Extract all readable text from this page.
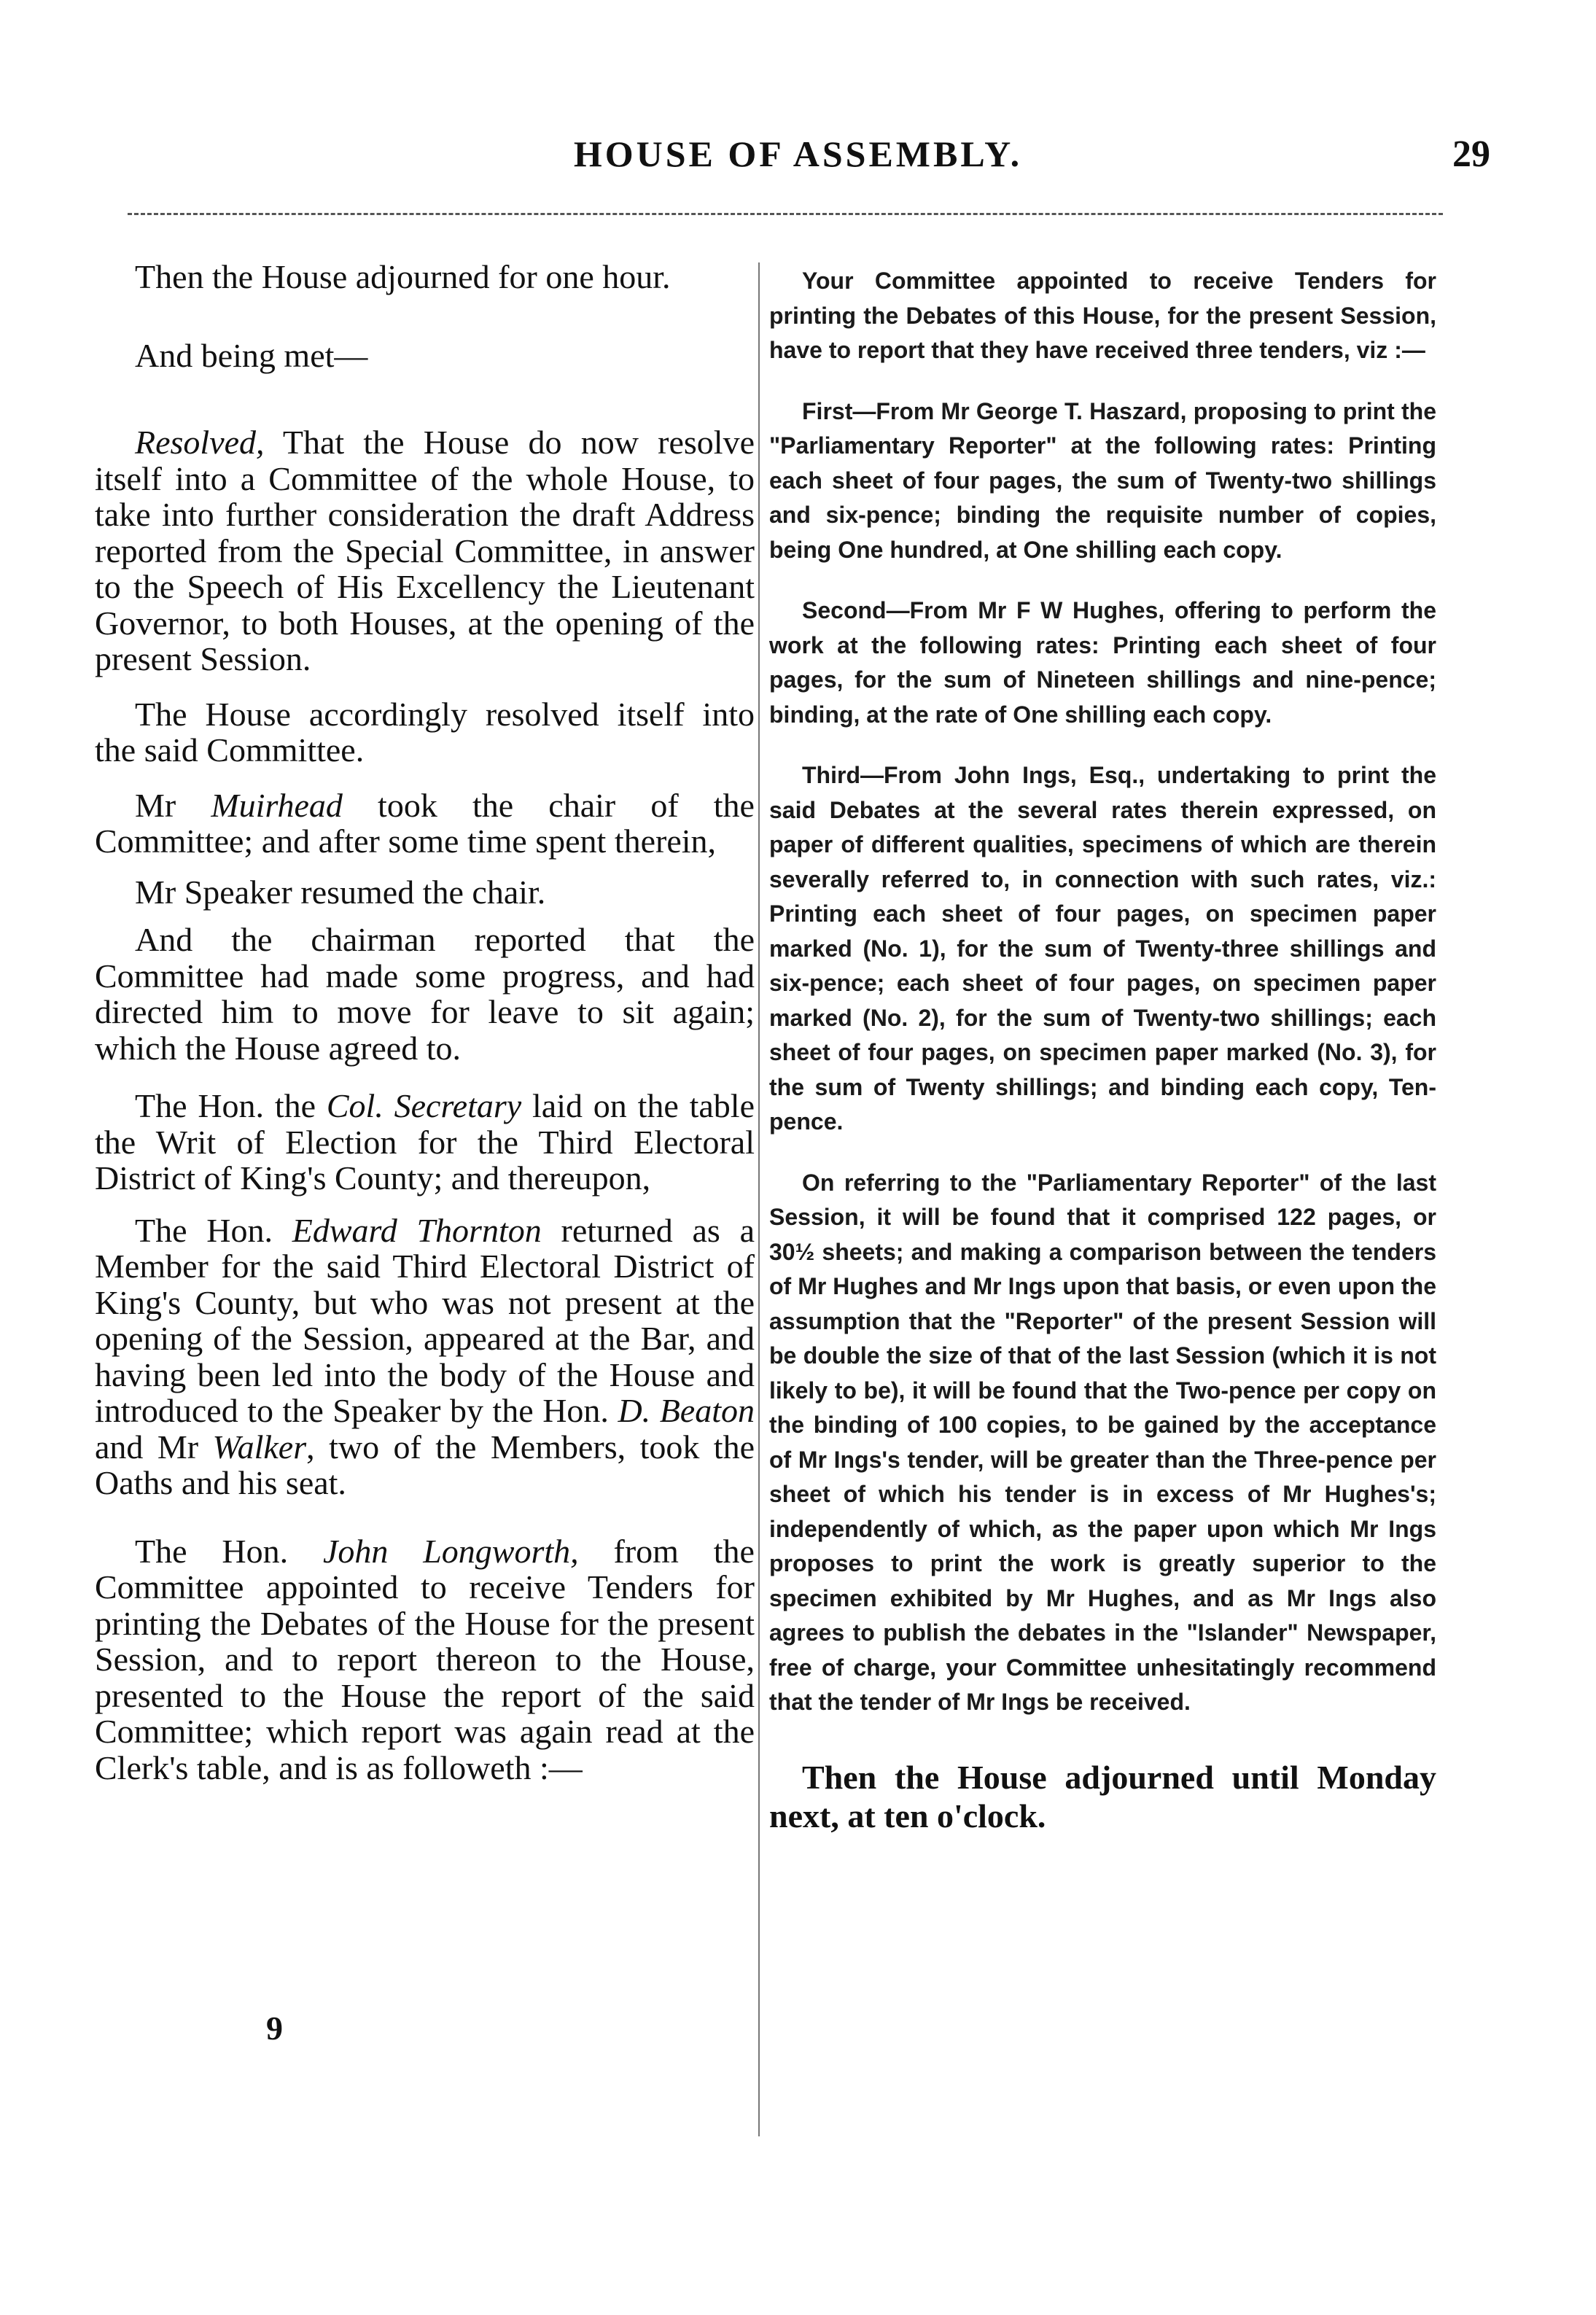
HOUSE OF ASSEMBLY.	29

Then the House adjourned for one hour.

And being met—

Resolved, That the House do now resolve itself into a Committee of the whole House, to take into further consideration the draft Address reported from the Special Committee, in answer to the Speech of His Excellency the Lieutenant Governor, to both Houses, at the opening of the present Session.

The House accordingly resolved itself into the said Committee.

Mr Muirhead took the chair of the Committee; and after some time spent therein,

Mr Speaker resumed the chair.

And the chairman reported that the Committee had made some progress, and had directed him to move for leave to sit again; which the House agreed to.

The Hon. the Col. Secretary laid on the table the Writ of Election for the Third Electoral District of King's County; and thereupon,

The Hon. Edward Thornton returned as a Member for the said Third Electoral District of King's County, but who was not present at the opening of the Session, appeared at the Bar, and having been led into the body of the House and introduced to the Speaker by the Hon. D. Beaton and Mr Walker, two of the Members, took the Oaths and his seat.

The Hon. John Longworth, from the Committee appointed to receive Tenders for printing the Debates of the House for the present Session, and to report thereon to the House, presented to the House the report of the said Committee; which report was again read at the Clerk's table, and is as followeth :—

9

Your Committee appointed to receive Tenders for printing the Debates of this House, for the present Session, have to report that they have received three tenders, viz :—

First—From Mr George T. Haszard, proposing to print the "Parliamentary Reporter" at the following rates: Printing each sheet of four pages, the sum of Twenty-two shillings and six-pence; binding the requisite number of copies, being One hundred, at One shilling each copy.

Second—From Mr F W Hughes, offering to perform the work at the following rates: Printing each sheet of four pages, for the sum of Nineteen shillings and nine-pence; binding, at the rate of One shilling each copy.

Third—From John Ings, Esq., undertaking to print the said Debates at the several rates therein expressed, on paper of different qualities, specimens of which are therein severally referred to, in connection with such rates, viz.: Printing each sheet of four pages, on specimen paper marked (No. 1), for the sum of Twenty-three shillings and six-pence; each sheet of four pages, on specimen paper marked (No. 2), for the sum of Twenty-two shillings; each sheet of four pages, on specimen paper marked (No. 3), for the sum of Twenty shillings; and binding each copy, Ten-pence.

On referring to the "Parliamentary Reporter" of the last Session, it will be found that it comprised 122 pages, or 30½ sheets; and making a comparison between the tenders of Mr Hughes and Mr Ings upon that basis, or even upon the assumption that the "Reporter" of the present Session will be double the size of that of the last Session (which it is not likely to be), it will be found that the Two-pence per copy on the binding of 100 copies, to be gained by the acceptance of Mr Ings's tender, will be greater than the Three-pence per sheet of which his tender is in excess of Mr Hughes's; independently of which, as the paper upon which Mr Ings proposes to print the work is greatly superior to the specimen exhibited by Mr Hughes, and as Mr Ings also agrees to publish the debates in the "Islander" Newspaper, free of charge, your Committee unhesitatingly recommend that the tender of Mr Ings be received.

Then the House adjourned until Monday next, at ten o'clock.
